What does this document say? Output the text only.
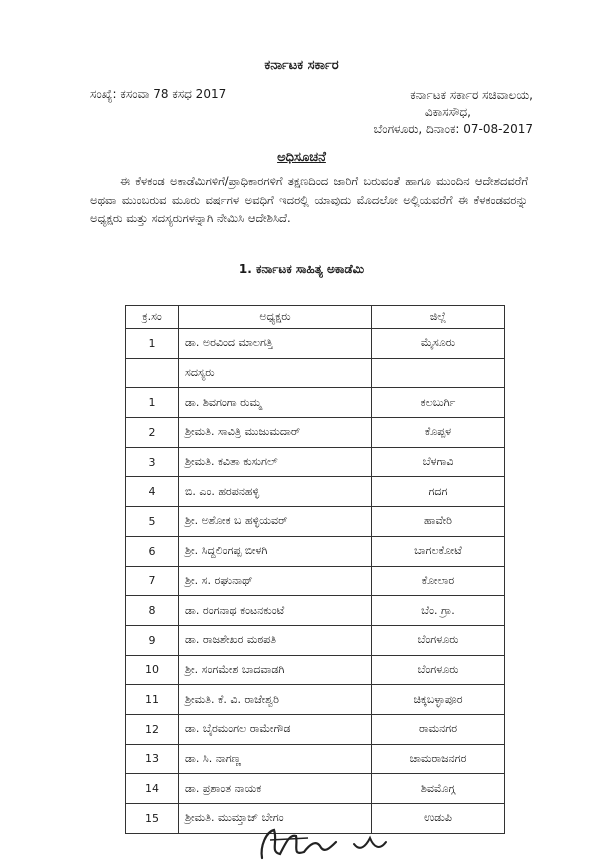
ಕರ್ನಾಟಕ ಸರ್ಕಾರ
ಸಂಖ್ಯೆ: ಕಸಂವಾ 78 ಕಸಧ 2017	ಕರ್ನಾಟಕ ಸರ್ಕಾರ ಸಚಿವಾಲಯ,
ವಿಕಾಸಸೌಧ,
ಬೆಂಗಳೂರು, ದಿನಾಂಕ: 07-08-2017
ಅಧಿಸೂಚನೆ
ಈ ಕೆಳಕಂಡ ಅಕಾಡೆಮಿಗಳಿಗೆ/ಪ್ರಾಧಿಕಾರಗಳಿಗೆ ತಕ್ಷಣದಿಂದ ಜಾರಿಗೆ ಬರುವಂತೆ ಹಾಗೂ ಮುಂದಿನ ಆದೇಶದವರೆಗೆ ಅಥವಾ ಮುಂಬರುವ ಮೂರು ವರ್ಷಗಳ ಅವಧಿಗೆ ಇದರಲ್ಲಿ ಯಾವುದು ಮೊದಲೋ ಅಲ್ಲಿಯವರೆಗೆ ಈ ಕೆಳಕಂಡವರನ್ನು ಅಧ್ಯಕ್ಷರು ಮತ್ತು ಸದಸ್ಯರುಗಳನ್ನಾಗಿ ನೇಮಿಸಿ ಆದೇಶಿಸಿದೆ.
1. ಕರ್ನಾಟಕ ಸಾಹಿತ್ಯ ಅಕಾಡೆಮಿ
ಕ್ರ.ಸಂ	ಅಧ್ಯಕ್ಷರು	ಜಿಲ್ಲೆ
1	ಡಾ. ಅರವಿಂದ ಮಾಲಗತ್ತಿ	ಮೈಸೂರು
	ಸದಸ್ಯರು	
1	ಡಾ. ಶಿವಗಂಗಾ ರುಮ್ಮ	ಕಲಬುರ್ಗಿ
2	ಶ್ರೀಮತಿ. ಸಾವಿತ್ರಿ ಮುಜುಮದಾರ್	ಕೊಪ್ಪಳ
3	ಶ್ರೀಮತಿ. ಕವಿತಾ ಕುಸುಗಲ್	ಬೆಳಗಾವಿ
4	ಬಿ. ಎಂ. ಹರಪನಹಳ್ಳಿ	ಗದಗ
5	ಶ್ರೀ. ಅಶೋಕ ಬ ಹಳ್ಳಿಯವರ್	ಹಾವೇರಿ
6	ಶ್ರೀ. ಸಿದ್ದಲಿಂಗಪ್ಪ ಬೀಳಗಿ	ಬಾಗಲಕೋಟೆ
7	ಶ್ರೀ. ಸ. ರಘುನಾಥ್	ಕೋಲಾರ
8	ಡಾ. ರಂಗನಾಥ ಕಂಟನಕುಂಟೆ	ಬೆಂ. ಗ್ರಾ.
9	ಡಾ. ರಾಜಶೇಖರ ಮಠಪತಿ	ಬೆಂಗಳೂರು
10	ಶ್ರೀ. ಸಂಗಮೇಶ ಬಾದವಾಡಗಿ	ಬೆಂಗಳೂರು
11	ಶ್ರೀಮತಿ. ಕೆ. ವಿ. ರಾಜೇಶ್ವರಿ	ಚಿಕ್ಕಬಳ್ಳಾಪೂರ
12	ಡಾ. ಬೈರಮಂಗಲ ರಾಮೇಗೌಡ	ರಾಮನಗರ
13	ಡಾ. ಸಿ. ನಾಗಣ್ಣ	ಚಾಮರಾಜನಗರ
14	ಡಾ. ಪ್ರಶಾಂತ ನಾಯಕ	ಶಿವಮೊಗ್ಗ
15	ಶ್ರೀಮತಿ. ಮುಮ್ತಾಜ್ ಬೇಗಂ	ಉಡುಪಿ
